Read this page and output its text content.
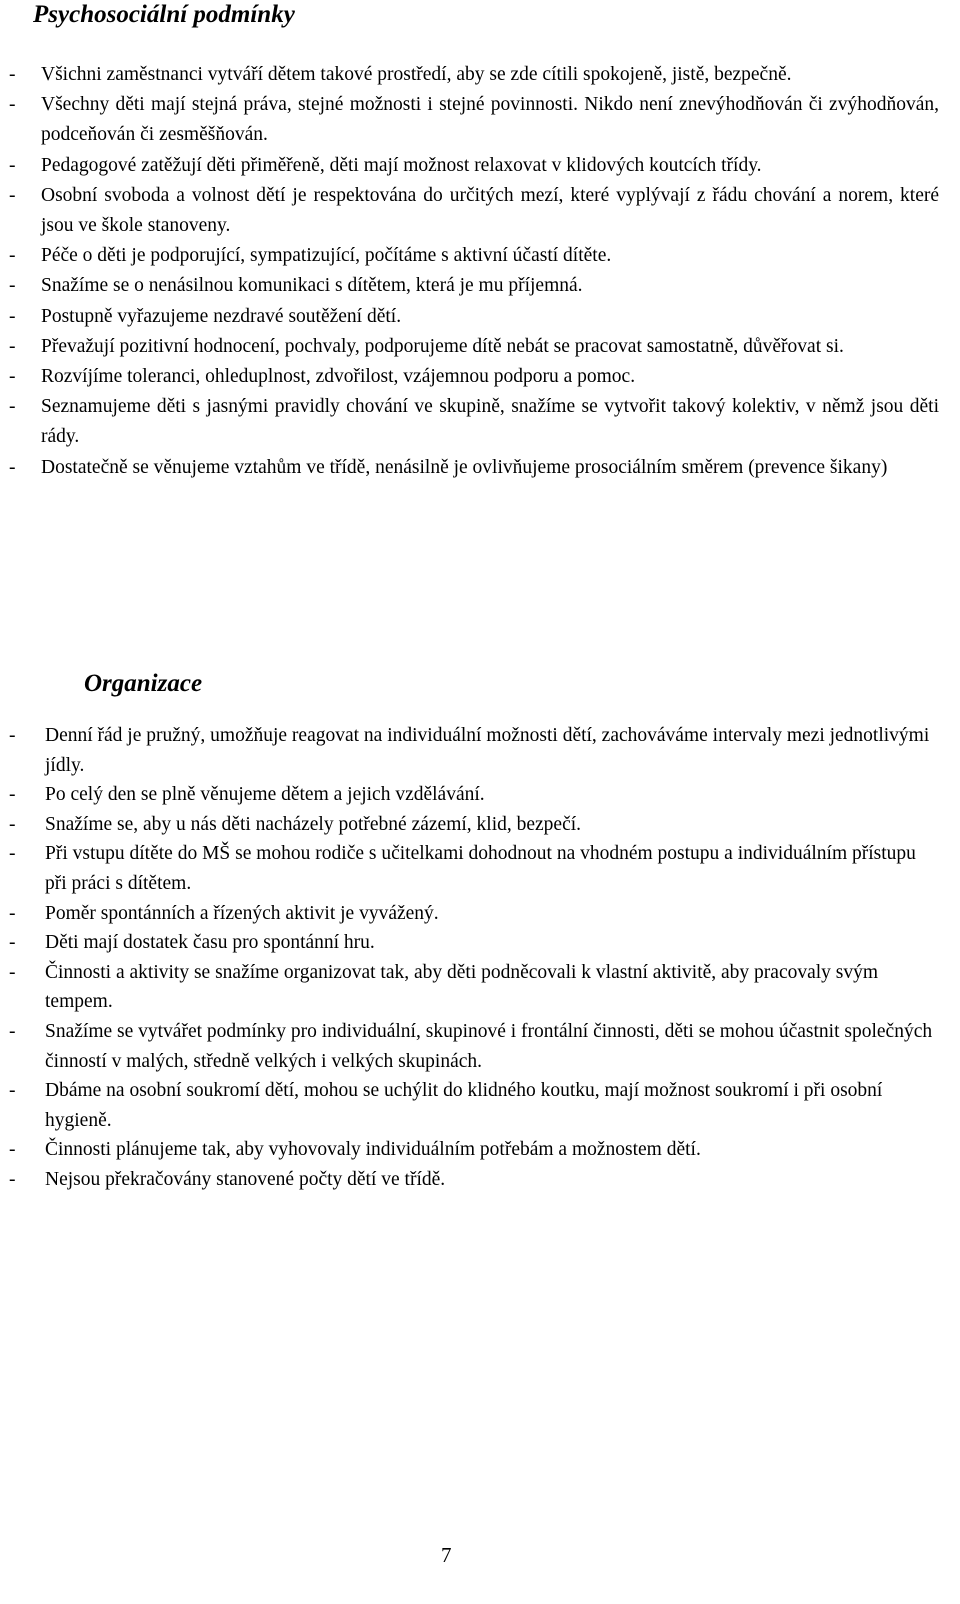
Psychosociální podmínky
- Všichni zaměstnanci vytváří dětem takové prostředí, aby se zde cítili spokojeně, jistě, bezpečně.
- Všechny děti mají stejná práva, stejné možnosti i stejné povinnosti. Nikdo není znevýhodňován či zvýhodňován, podceňován či zesměšňován.
- Pedagogové zatěžují děti přiměřeně, děti mají možnost relaxovat v klidových koutcích třídy.
- Osobní svoboda a volnost dětí je respektována do určitých mezí, které vyplývají z řádu chování a norem, které jsou ve škole stanoveny.
- Péče o děti je podporující, sympatizující, počítáme s aktivní účastí dítěte.
- Snažíme se o nenásilnou komunikaci s dítětem, která je mu příjemná.
- Postupně vyřazujeme nezdravé soutěžení dětí.
- Převažují pozitivní hodnocení, pochvaly, podporujeme dítě nebát se pracovat samostatně, důvěřovat si.
- Rozvíjíme toleranci, ohleduplnost, zdvořilost, vzájemnou podporu a pomoc.
- Seznamujeme děti s jasnými pravidly chování ve skupině, snažíme se vytvořit takový kolektiv, v němž jsou děti rády.
- Dostatečně se věnujeme vztahům ve třídě, nenásilně je ovlivňujeme prosociálním směrem (prevence šikany)
Organizace
- Denní řád je pružný, umožňuje reagovat na individuální možnosti dětí, zachováváme intervaly mezi jednotlivými jídly.
- Po celý den se plně věnujeme dětem a jejich vzdělávání.
- Snažíme se, aby u nás děti nacházely potřebné zázemí, klid, bezpečí.
- Při vstupu dítěte do MŠ se mohou rodiče s učitelkami dohodnout na vhodném postupu a individuálním přístupu při práci s dítětem.
- Poměr spontánních a řízených aktivit je vyvážený.
- Děti mají dostatek času pro spontánní hru.
- Činnosti a aktivity se snažíme organizovat tak, aby děti podněcovali k vlastní aktivitě, aby pracovaly svým tempem.
- Snažíme se vytvářet podmínky pro individuální, skupinové i frontální činnosti, děti se mohou účastnit společných činností v malých, středně velkých i velkých skupinách.
- Dbáme na osobní soukromí dětí, mohou se uchýlit do klidného koutku, mají možnost soukromí i při osobní hygieně.
- Činnosti plánujeme tak, aby vyhovovaly individuálním potřebám a možnostem dětí.
- Nejsou překračovány stanovené počty dětí ve třídě.
7
